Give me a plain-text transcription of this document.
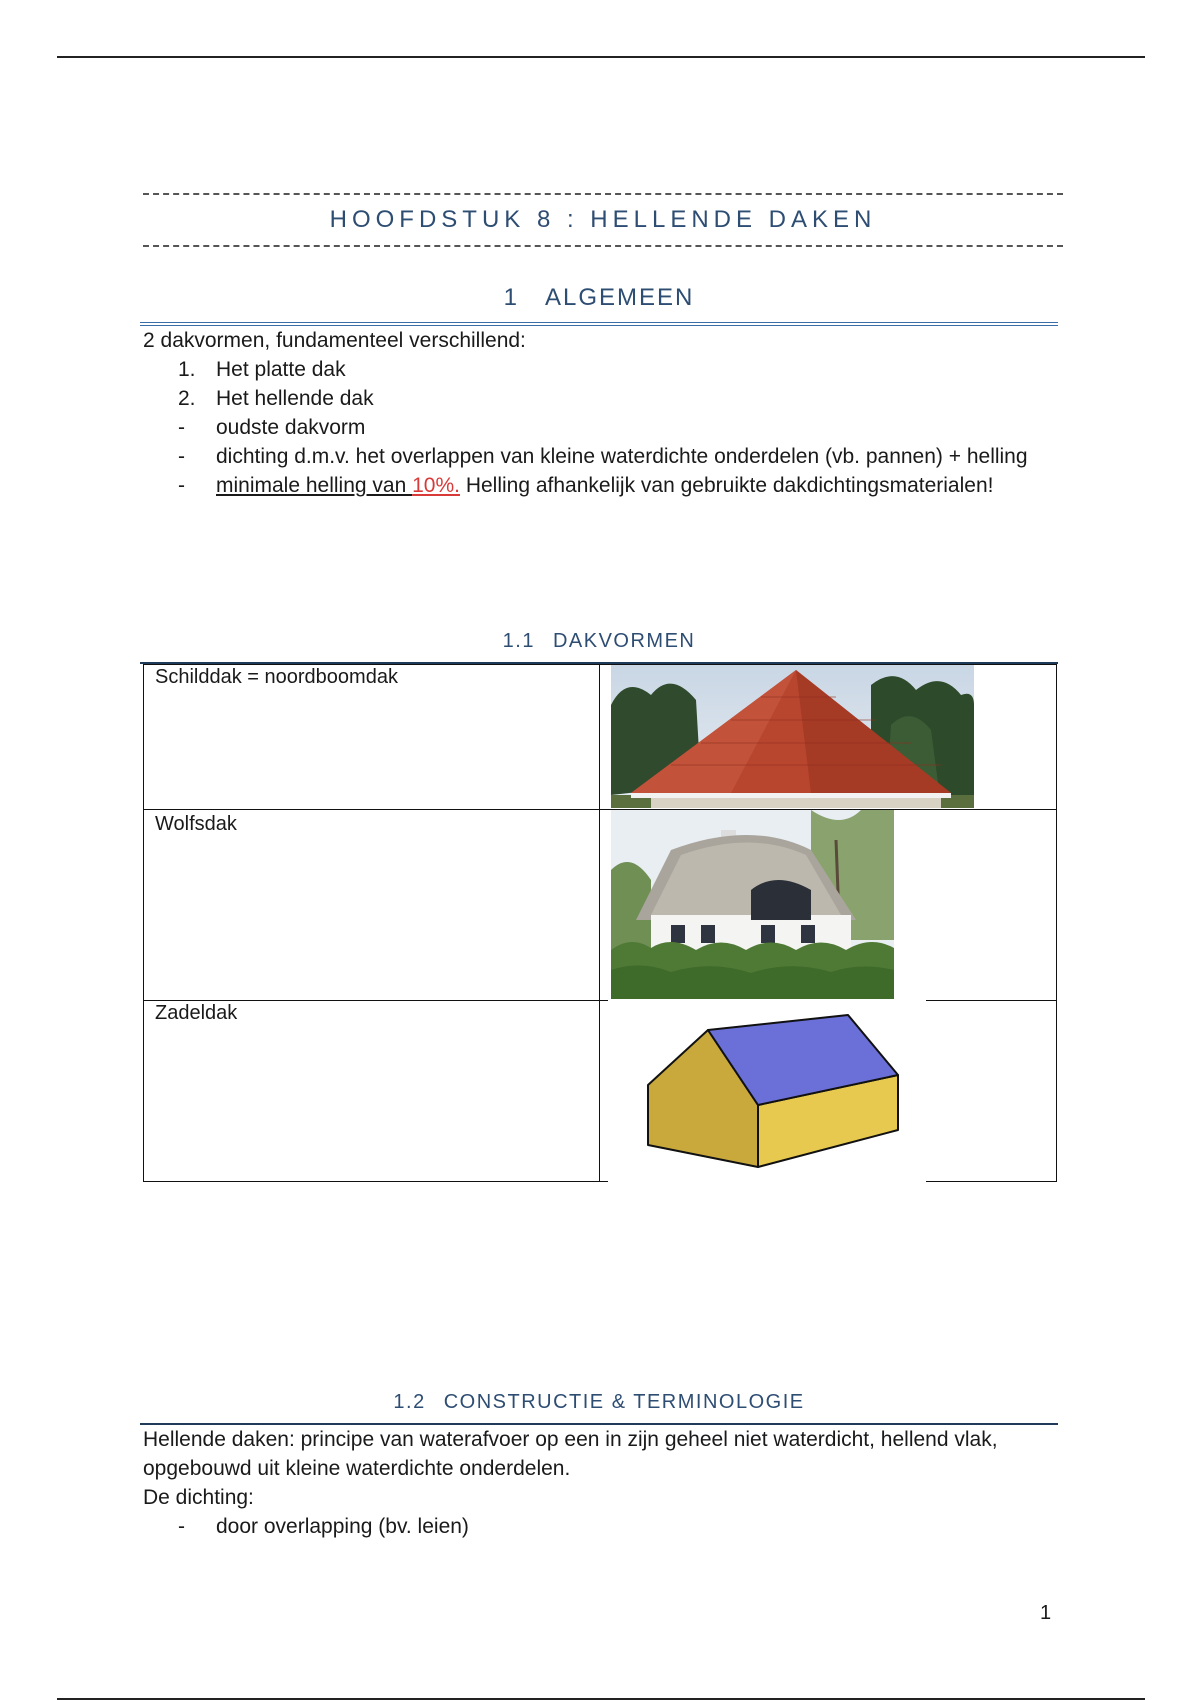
HOOFDSTUK 8 : HELLENDE DAKEN
1 ALGEMEEN
2 dakvormen, fundamenteel verschillend:
1. Het platte dak
2. Het hellende dak
-	oudste dakvorm
-	dichting d.m.v. het overlappen van kleine waterdichte onderdelen (vb. pannen) + helling
-	minimale helling van 10%. Helling afhankelijk van gebruikte dakdichtingsmaterialen!
1.1 DAKVORMEN
Schilddak = noordboomdak
Wolfsdak
Zadeldak
1.2 CONSTRUCTIE & TERMINOLOGIE
Hellende daken: principe van waterafvoer op een in zijn geheel niet waterdicht, hellend vlak, opgebouwd uit kleine waterdichte onderdelen.
De dichting:
- door overlapping (bv. leien)
1
